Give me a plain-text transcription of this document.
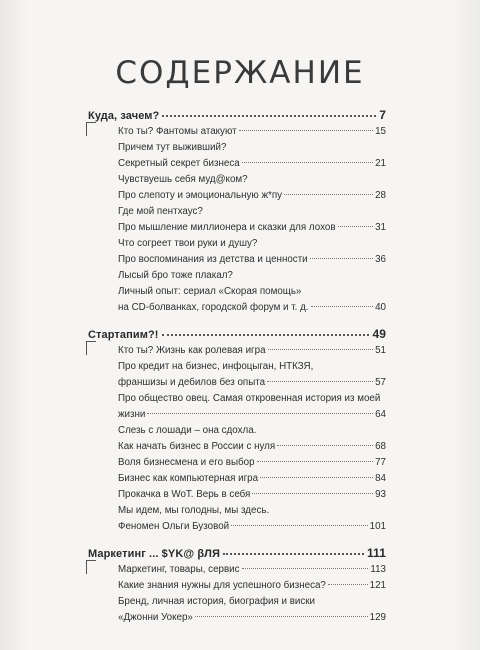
СОДЕРЖАНИЕ
Куда, зачем?	7
Кто ты? Фантомы атакуют	15
Причем тут выживший?
Секретный секрет бизнеса	21
Чувствуешь себя муд@ком?
Про слепоту и эмоциональную ж*пу	28
Где мой пентхаус?
Про мышление миллионера и сказки для лохов	31
Что согреет твои руки и душу?
Про воспоминания из детства и ценности	36
Лысый бро тоже плакал?
Личный опыт: сериал «Скорая помощь»
на CD-болванках, городской форум и т. д.	40
Стартапим?!	49
Кто ты? Жизнь как ролевая игра	51
Про кредит на бизнес, инфоцыган, НТКЗЯ,
франшизы и дебилов без опыта	57
Про общество овец. Самая откровенная история из моей
жизни	64
Слезь с лошади – она сдохла.
Как начать бизнес в России с нуля	68
Воля бизнесмена и его выбор	77
Бизнес как компьютерная игра	84
Прокачка в WoT. Верь в себя	93
Мы идем, мы голодны, мы здесь.
Феномен Ольги Бузовой	101
Маркетинг ... $YK@ βЛЯ	111
Маркетинг, товары, сервис	113
Какие знания нужны для успешного бизнеса?	121
Бренд, личная история, биография и виски
«Джонни Уокер»	129
